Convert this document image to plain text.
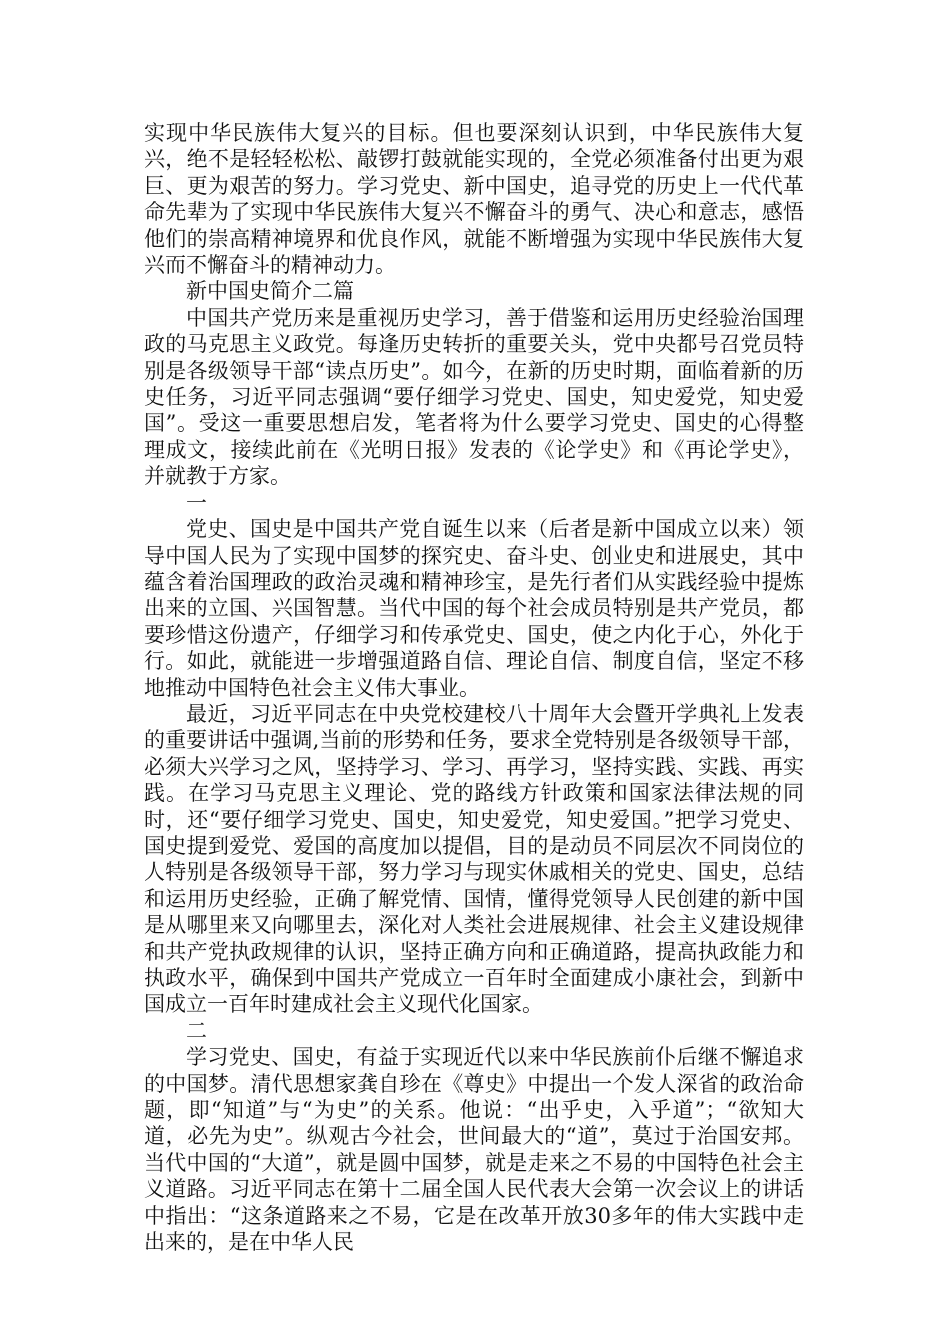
实现中华民族伟大复兴的目标。但也要深刻认识到，中华民族伟大复兴，绝不是轻轻松松、敲锣打鼓就能实现的，全党必须准备付出更为艰巨、更为艰苦的努力。学习党史、新中国史，追寻党的历史上一代代革命先辈为了实现中华民族伟大复兴不懈奋斗的勇气、决心和意志，感悟他们的崇高精神境界和优良作风，就能不断增强为实现中华民族伟大复兴而不懈奋斗的精神动力。

新中国史简介二篇

中国共产党历来是重视历史学习，善于借鉴和运用历史经验治国理政的马克思主义政党。每逢历史转折的重要关头，党中央都号召党员特别是各级领导干部“读点历史”。如今，在新的历史时期，面临着新的历史任务，习近平同志强调“要仔细学习党史、国史，知史爱党，知史爱国”。受这一重要思想启发，笔者将为什么要学习党史、国史的心得整理成文，接续此前在《光明日报》发表的《论学史》和《再论学史》，并就教于方家。

一

党史、国史是中国共产党自诞生以来（后者是新中国成立以来）领导中国人民为了实现中国梦的探究史、奋斗史、创业史和进展史，其中蕴含着治国理政的政治灵魂和精神珍宝，是先行者们从实践经验中提炼出来的立国、兴国智慧。当代中国的每个社会成员特别是共产党员，都要珍惜这份遗产，仔细学习和传承党史、国史，使之内化于心，外化于行。如此，就能进一步增强道路自信、理论自信、制度自信，坚定不移地推动中国特色社会主义伟大事业。

最近，习近平同志在中央党校建校八十周年大会暨开学典礼上发表的重要讲话中强调,当前的形势和任务，要求全党特别是各级领导干部，必须大兴学习之风，坚持学习、学习、再学习，坚持实践、实践、再实践。在学习马克思主义理论、党的路线方针政策和国家法律法规的同时，还“要仔细学习党史、国史，知史爱党，知史爱国。”把学习党史、国史提到爱党、爱国的高度加以提倡，目的是动员不同层次不同岗位的人特别是各级领导干部，努力学习与现实休戚相关的党史、国史，总结和运用历史经验，正确了解党情、国情，懂得党领导人民创建的新中国是从哪里来又向哪里去，深化对人类社会进展规律、社会主义建设规律和共产党执政规律的认识，坚持正确方向和正确道路，提高执政能力和执政水平，确保到中国共产党成立一百年时全面建成小康社会，到新中国成立一百年时建成社会主义现代化国家。

二

学习党史、国史，有益于实现近代以来中华民族前仆后继不懈追求的中国梦。清代思想家龚自珍在《尊史》中提出一个发人深省的政治命题，即“知道”与“为史”的关系。他说：“出乎史，入乎道”；“欲知大道，必先为史”。纵观古今社会，世间最大的“道”，莫过于治国安邦。当代中国的“大道”，就是圆中国梦，就是走来之不易的中国特色社会主义道路。习近平同志在第十二届全国人民代表大会第一次会议上的讲话中指出：“这条道路来之不易，它是在改革开放30多年的伟大实践中走出来的，是在中华人民
